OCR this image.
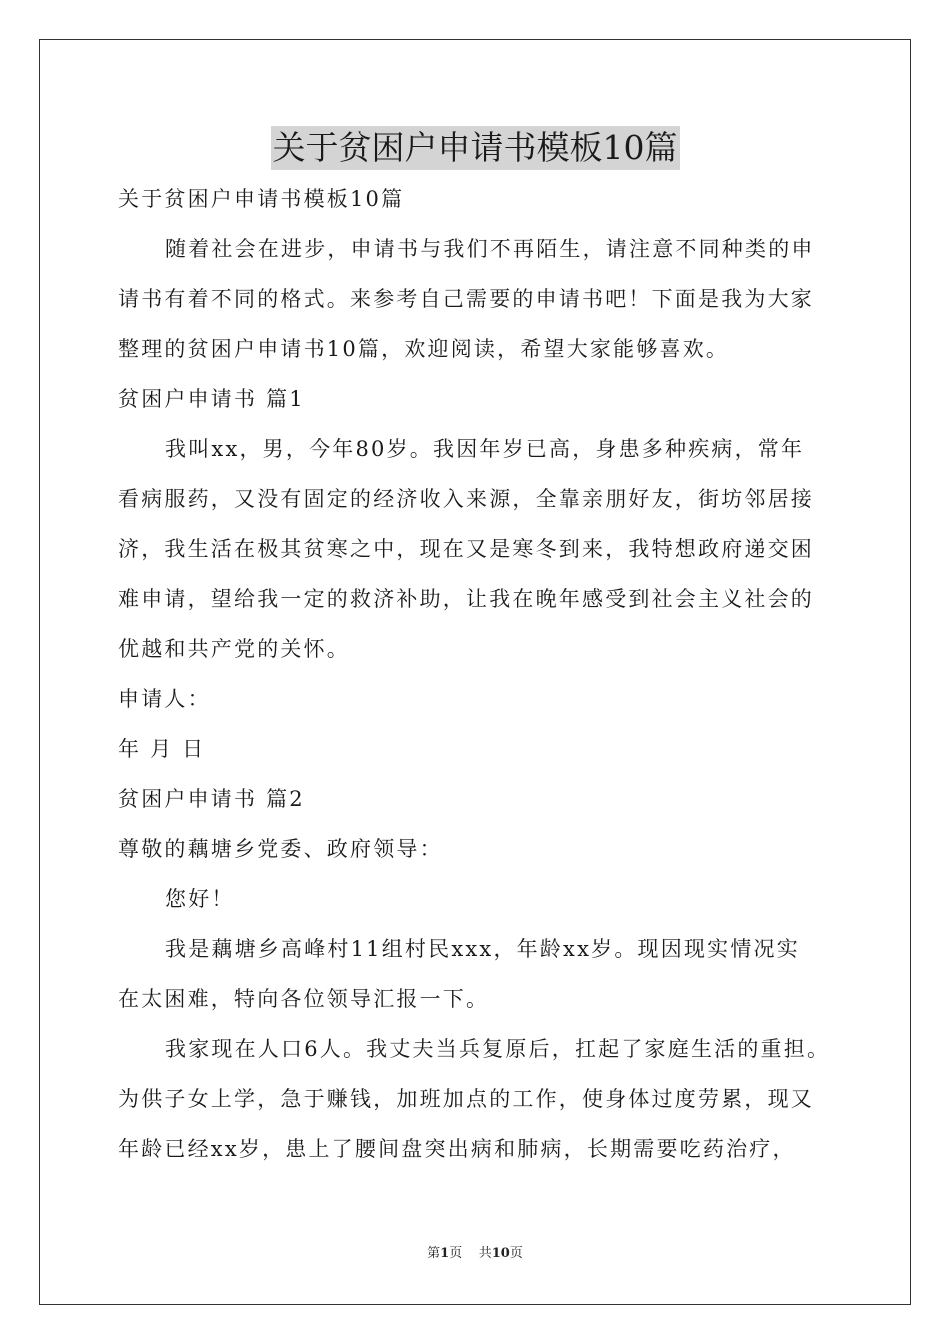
关于贫困户申请书模板10篇

关于贫困户申请书模板10篇

随着社会在进步，申请书与我们不再陌生，请注意不同种类的申

请书有着不同的格式。来参考自己需要的申请书吧！下面是我为大家

整理的贫困户申请书10篇，欢迎阅读，希望大家能够喜欢。

贫困户申请书 篇1

我叫xx，男，今年80岁。我因年岁已高，身患多种疾病，常年

看病服药，又没有固定的经济收入来源，全靠亲朋好友，街坊邻居接

济，我生活在极其贫寒之中，现在又是寒冬到来，我特想政府递交困

难申请，望给我一定的救济补助，让我在晚年感受到社会主义社会的

优越和共产党的关怀。

申请人：

年 月 日

贫困户申请书 篇2

尊敬的藕塘乡党委、政府领导：

您好！

我是藕塘乡高峰村11组村民xxx，年龄xx岁。现因现实情况实

在太困难，特向各位领导汇报一下。

我家现在人口6人。我丈夫当兵复原后，扛起了家庭生活的重担。

为供子女上学，急于赚钱，加班加点的工作，使身体过度劳累，现又

年龄已经xx岁，患上了腰间盘突出病和肺病，长期需要吃药治疗，

第1页    共10页
